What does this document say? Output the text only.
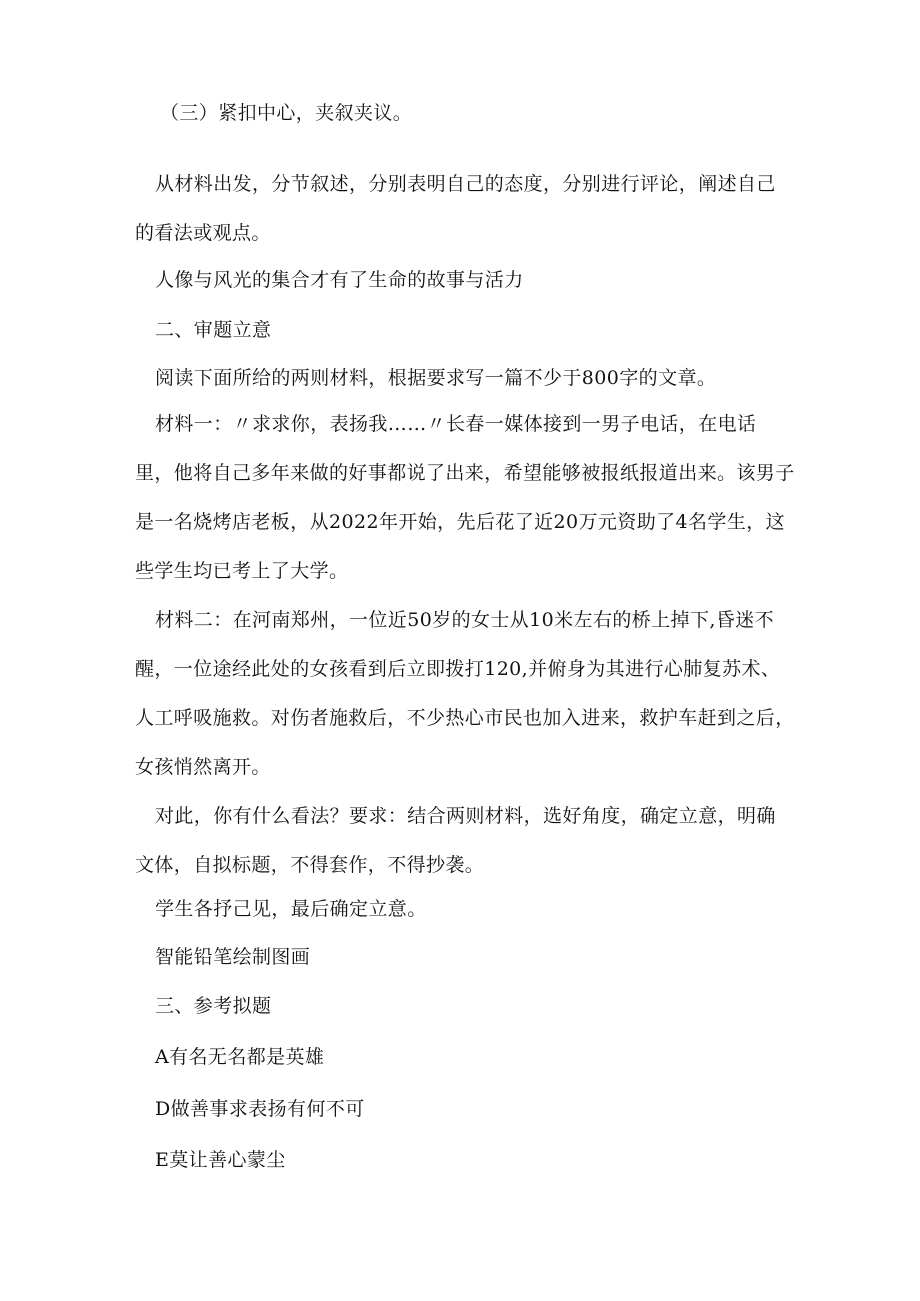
（三）紧扣中心，夹叙夹议。
从材料出发，分节叙述，分别表明自己的态度，分别进行评论，阐述自己的看法或观点。
人像与风光的集合才有了生命的故事与活力
二、审题立意
阅读下面所给的两则材料，根据要求写一篇不少于800字的文章。
材料一：〃求求你，表扬我……〃长春一媒体接到一男子电话，在电话里，他将自己多年来做的好事都说了出来，希望能够被报纸报道出来。该男子是一名烧烤店老板，从2022年开始，先后花了近20万元资助了4名学生，这些学生均已考上了大学。
材料二：在河南郑州，一位近50岁的女士从10米左右的桥上掉下,昏迷不醒，一位途经此处的女孩看到后立即拨打120,并俯身为其进行心肺复苏术、人工呼吸施救。对伤者施救后，不少热心市民也加入进来，救护车赶到之后，女孩悄然离开。
对此，你有什么看法？要求：结合两则材料，选好角度，确定立意，明确文体，自拟标题，不得套作，不得抄袭。
学生各抒己见，最后确定立意。
智能铅笔绘制图画
三、参考拟题
A有名无名都是英雄
D做善事求表扬有何不可
E莫让善心蒙尘
